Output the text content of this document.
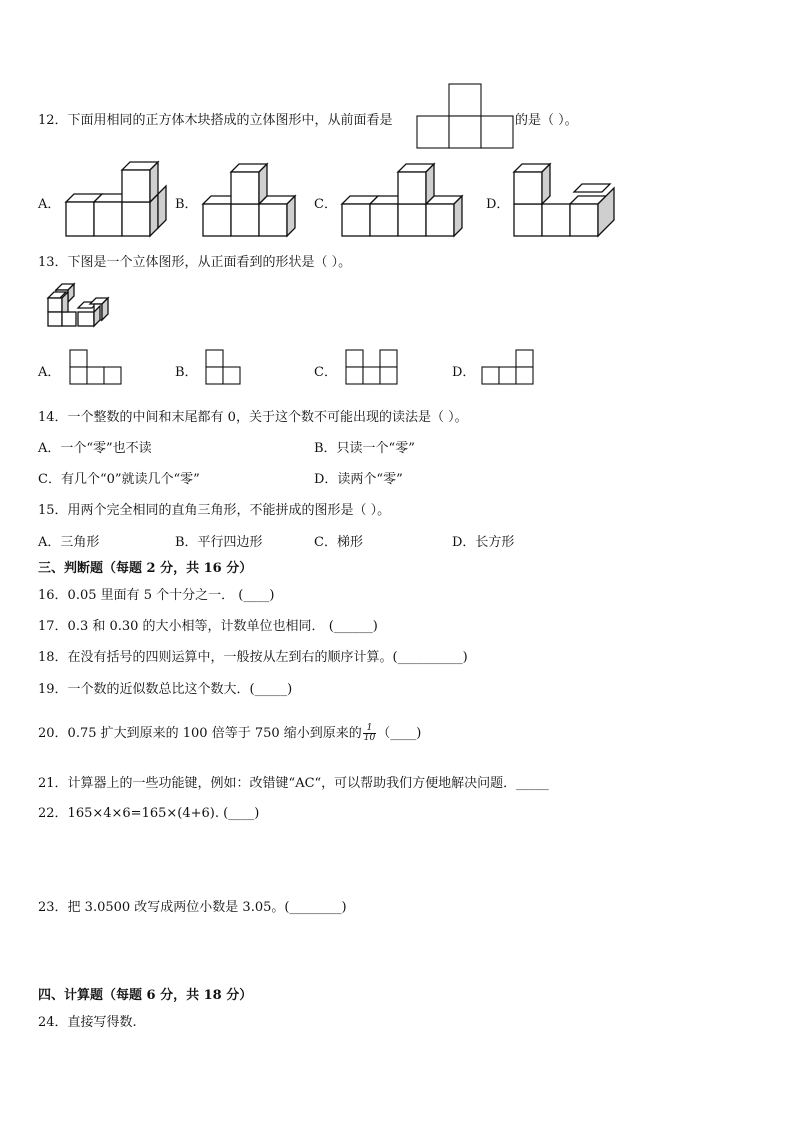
12．下面用相同的正方体木块搭成的立体图形中，从前面看是	的是（ ）。
A．	B．	C．	D．
13．下图是一个立体图形，从正面看到的形状是（ ）。
A．	B．	C．	D．
14．一个整数的中间和末尾都有 0，关于这个数不可能出现的读法是（ ）。
A．一个“零”也不读	B．只读一个“零”
C．有几个“0”就读几个“零”	D．读两个“零”
15．用两个完全相同的直角三角形，不能拼成的图形是（ ）。
A．三角形	B．平行四边形	C．梯形	D．长方形
三、判断题（每题 2 分，共 16 分）
16．0.05 里面有 5 个十分之一． (____)
17．0.3 和 0.30 的大小相等，计数单位也相同． (______)
18．在没有括号的四则运算中，一般按从左到右的顺序计算。(__________)
19．一个数的近似数总比这个数大．(_____)
20．0.75 扩大到原来的 100 倍等于 750 缩小到原来的 $\frac{1}{10}$ （____)
21．计算器上的一些功能键，例如：改错键“AC“，可以帮助我们方便地解决问题．_____
22．165×4×6=165×(4+6). (____)
23．把 3.0500 改写成两位小数是 3.05。(________)
四、计算题（每题 6 分，共 18 分）
24．直接写得数.
